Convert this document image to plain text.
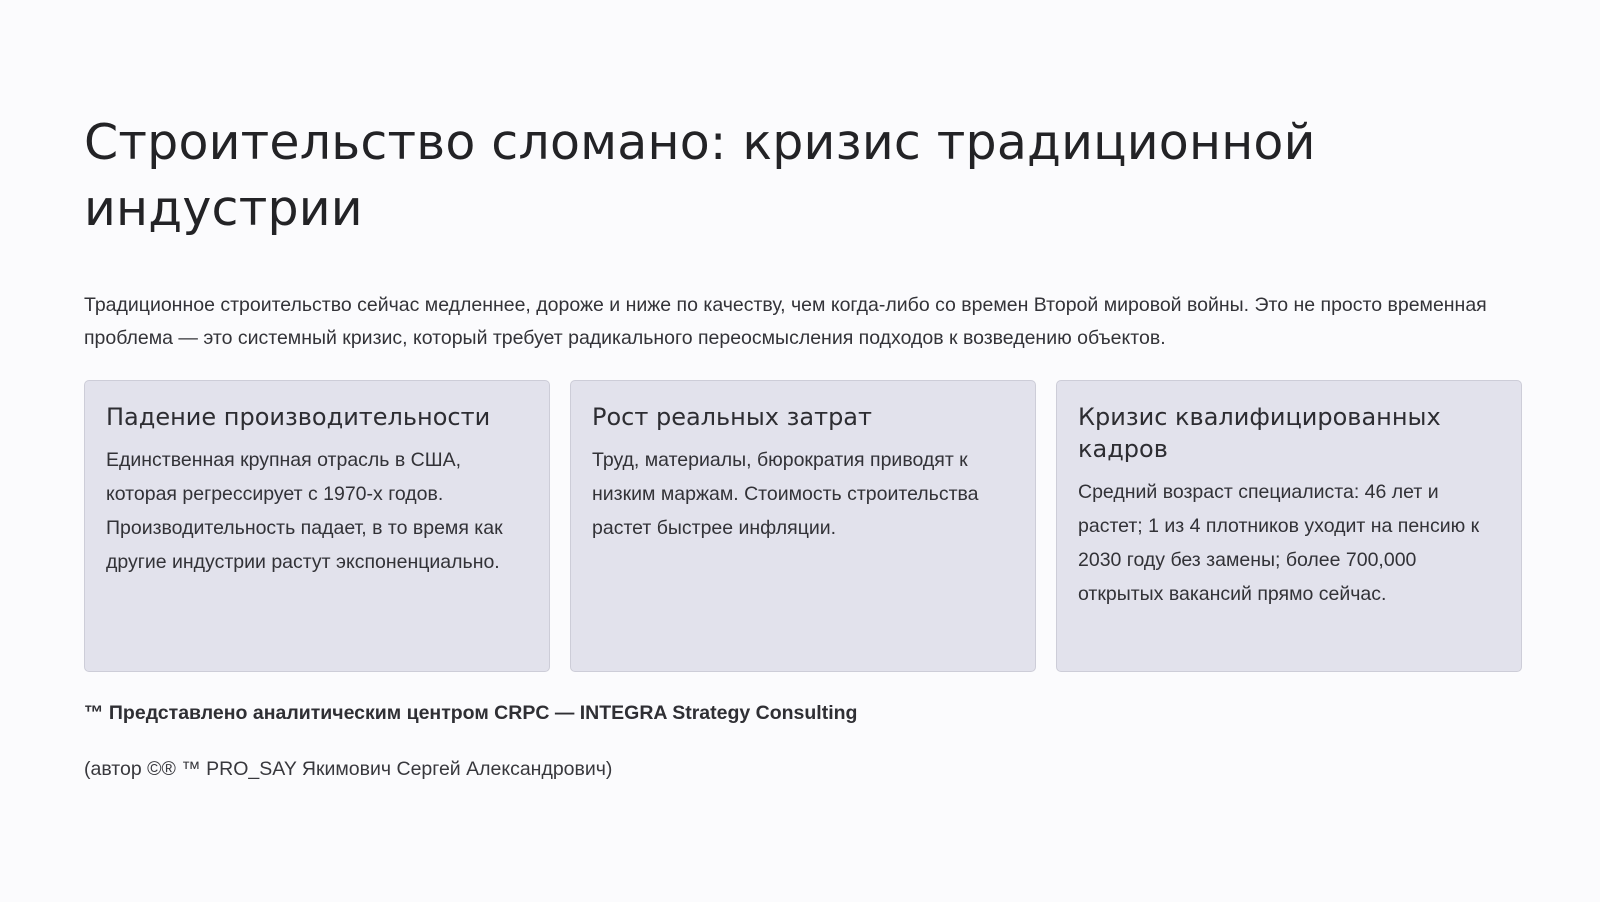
Строительство сломано: кризис традиционной индустрии

Традиционное строительство сейчас медленнее, дороже и ниже по качеству, чем когда-либо со времен Второй мировой войны. Это не просто временная проблема — это системный кризис, который требует радикального переосмысления подходов к возведению объектов.

Падение производительности

Единственная крупная отрасль в США, которая регрессирует с 1970-х годов. Производительность падает, в то время как другие индустрии растут экспоненциально.

Рост реальных затрат

Труд, материалы, бюрократия приводят к низким маржам. Стоимость строительства растет быстрее инфляции.

Кризис квалифицированных кадров

Средний возраст специалиста: 46 лет и растет; 1 из 4 плотников уходит на пенсию к 2030 году без замены; более 700,000 открытых вакансий прямо сейчас.

™ Представлено аналитическим центром CRPC — INTEGRA Strategy Consulting

(автор ©® ™ PRO_SAY Якимович Сергей Александрович)
